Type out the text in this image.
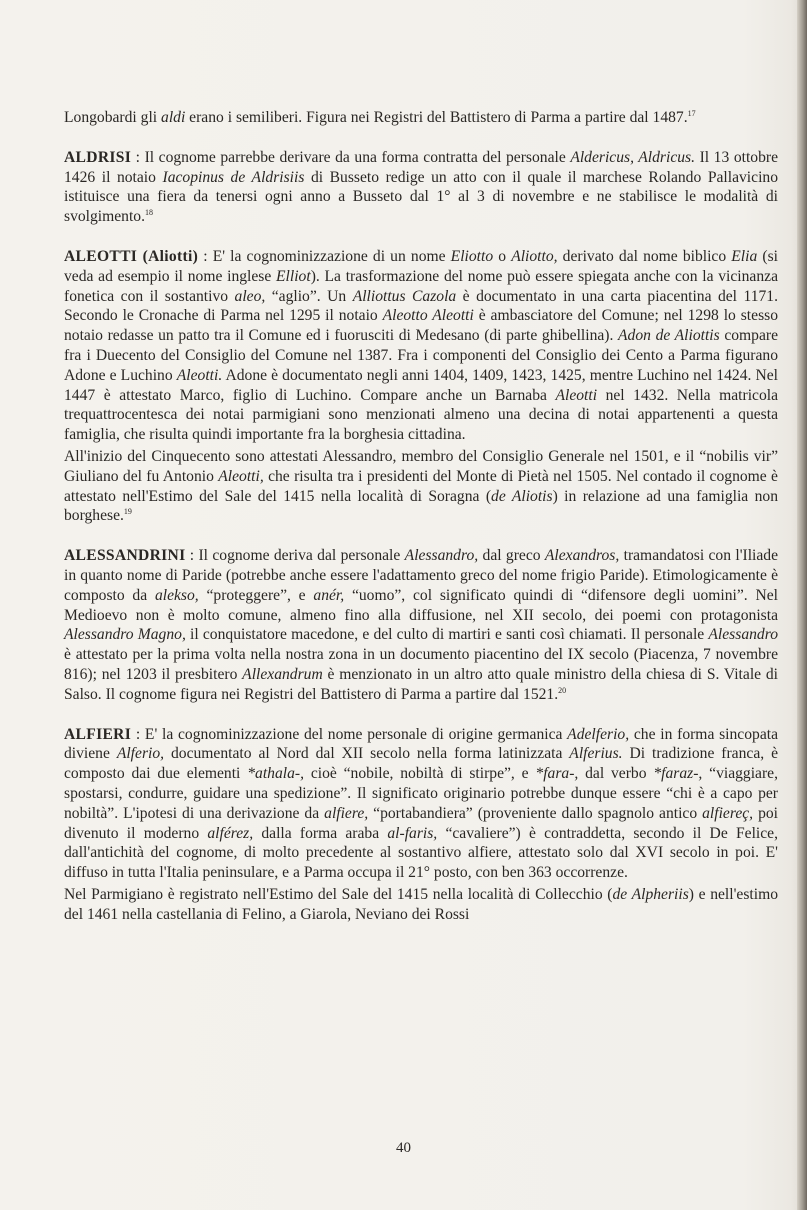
Longobardi gli aldi erano i semiliberi. Figura nei Registri del Battistero di Parma a partire dal 1487.17

ALDRISI : Il cognome parrebbe derivare da una forma contratta del personale Aldericus, Aldricus. Il 13 ottobre 1426 il notaio Iacopinus de Aldrisiis di Busseto redige un atto con il quale il marchese Rolando Pallavicino istituisce una fiera da tenersi ogni anno a Busseto dal 1° al 3 di novembre e ne stabilisce le modalità di svolgimento.$^{18}$

ALEOTTI (Aliotti) : E' la cognominizzazione di un nome Eliotto o Aliotto, derivato dal nome biblico Elia (si veda ad esempio il nome inglese Elliot). La trasformazione del nome può essere spiegata anche con la vicinanza fonetica con il sostantivo aleo, “aglio”. Un Alliottus Cazola è documentato in una carta piacentina del 1171. Secondo le Cronache di Parma nel 1295 il notaio Aleotto Aleotti è ambasciatore del Comune; nel 1298 lo stesso notaio redasse un patto tra il Comune ed i fuorusciti di Medesano (di parte ghibellina). Adon de Aliottis compare fra i Duecento del Consiglio del Comune nel 1387. Fra i componenti del Consiglio dei Cento a Parma figurano Adone e Luchino Aleotti. Adone è documentato negli anni 1404, 1409, 1423, 1425, mentre Luchino nel 1424. Nel 1447 è attestato Marco, figlio di Luchino. Compare anche un Barnaba Aleotti nel 1432. Nella matricola trequattrocentesca dei notai parmigiani sono menzionati almeno una decina di notai appartenenti a questa famiglia, che risulta quindi importante fra la borghesia cittadina.

All'inizio del Cinquecento sono attestati Alessandro, membro del Consiglio Generale nel 1501, e il “nobilis vir” Giuliano del fu Antonio Aleotti, che risulta tra i presidenti del Monte di Pietà nel 1505. Nel contado il cognome è attestato nell'Estimo del Sale del 1415 nella località di Soragna (de Aliotis) in relazione ad una famiglia non borghese.$^{19}$

ALESSANDRINI : Il cognome deriva dal personale Alessandro, dal greco Alexandros, tramandatosi con l'Iliade in quanto nome di Paride (potrebbe anche essere l'adattamento greco del nome frigio Paride). Etimologicamente è composto da alekso, “proteggere”, e anér, “uomo”, col significato quindi di “difensore degli uomini”. Nel Medioevo non è molto comune, almeno fino alla diffusione, nel XII secolo, dei poemi con protagonista Alessandro Magno, il conquistatore macedone, e del culto di martiri e santi così chiamati. Il personale Alessandro è attestato per la prima volta nella nostra zona in un documento piacentino del IX secolo (Piacenza, 7 novembre 816); nel 1203 il presbitero Allexandrum è menzionato in un altro atto quale ministro della chiesa di S. Vitale di Salso. Il cognome figura nei Registri del Battistero di Parma a partire dal 1521.20

ALFIERI : E' la cognominizzazione del nome personale di origine germanica Adelferio, che in forma sincopata diviene Alferio, documentato al Nord dal XII secolo nella forma latinizzata Alferius. Di tradizione franca, è composto dai due elementi *athala-, cioè “nobile, nobiltà di stirpe”, e *fara-, dal verbo *faraz-, “viaggiare, spostarsi, condurre, guidare una spedizione”. Il significato originario potrebbe dunque essere “chi è a capo per nobiltà”. L'ipotesi di una derivazione da alfiere, “portabandiera” (proveniente dallo spagnolo antico alfiereç, poi divenuto il moderno alférez, dalla forma araba al-faris, “cavaliere”) è contraddetta, secondo il De Felice, dall'antichità del cognome, di molto precedente al sostantivo alfiere, attestato solo dal XVI secolo in poi. E' diffuso in tutta l'Italia peninsulare, e a Parma occupa il 21° posto, con ben 363 occorrenze.

Nel Parmigiano è registrato nell'Estimo del Sale del 1415 nella località di Collecchio (de Alpheriis) e nell'estimo del 1461 nella castellania di Felino, a Giarola, Neviano dei Rossi

40
